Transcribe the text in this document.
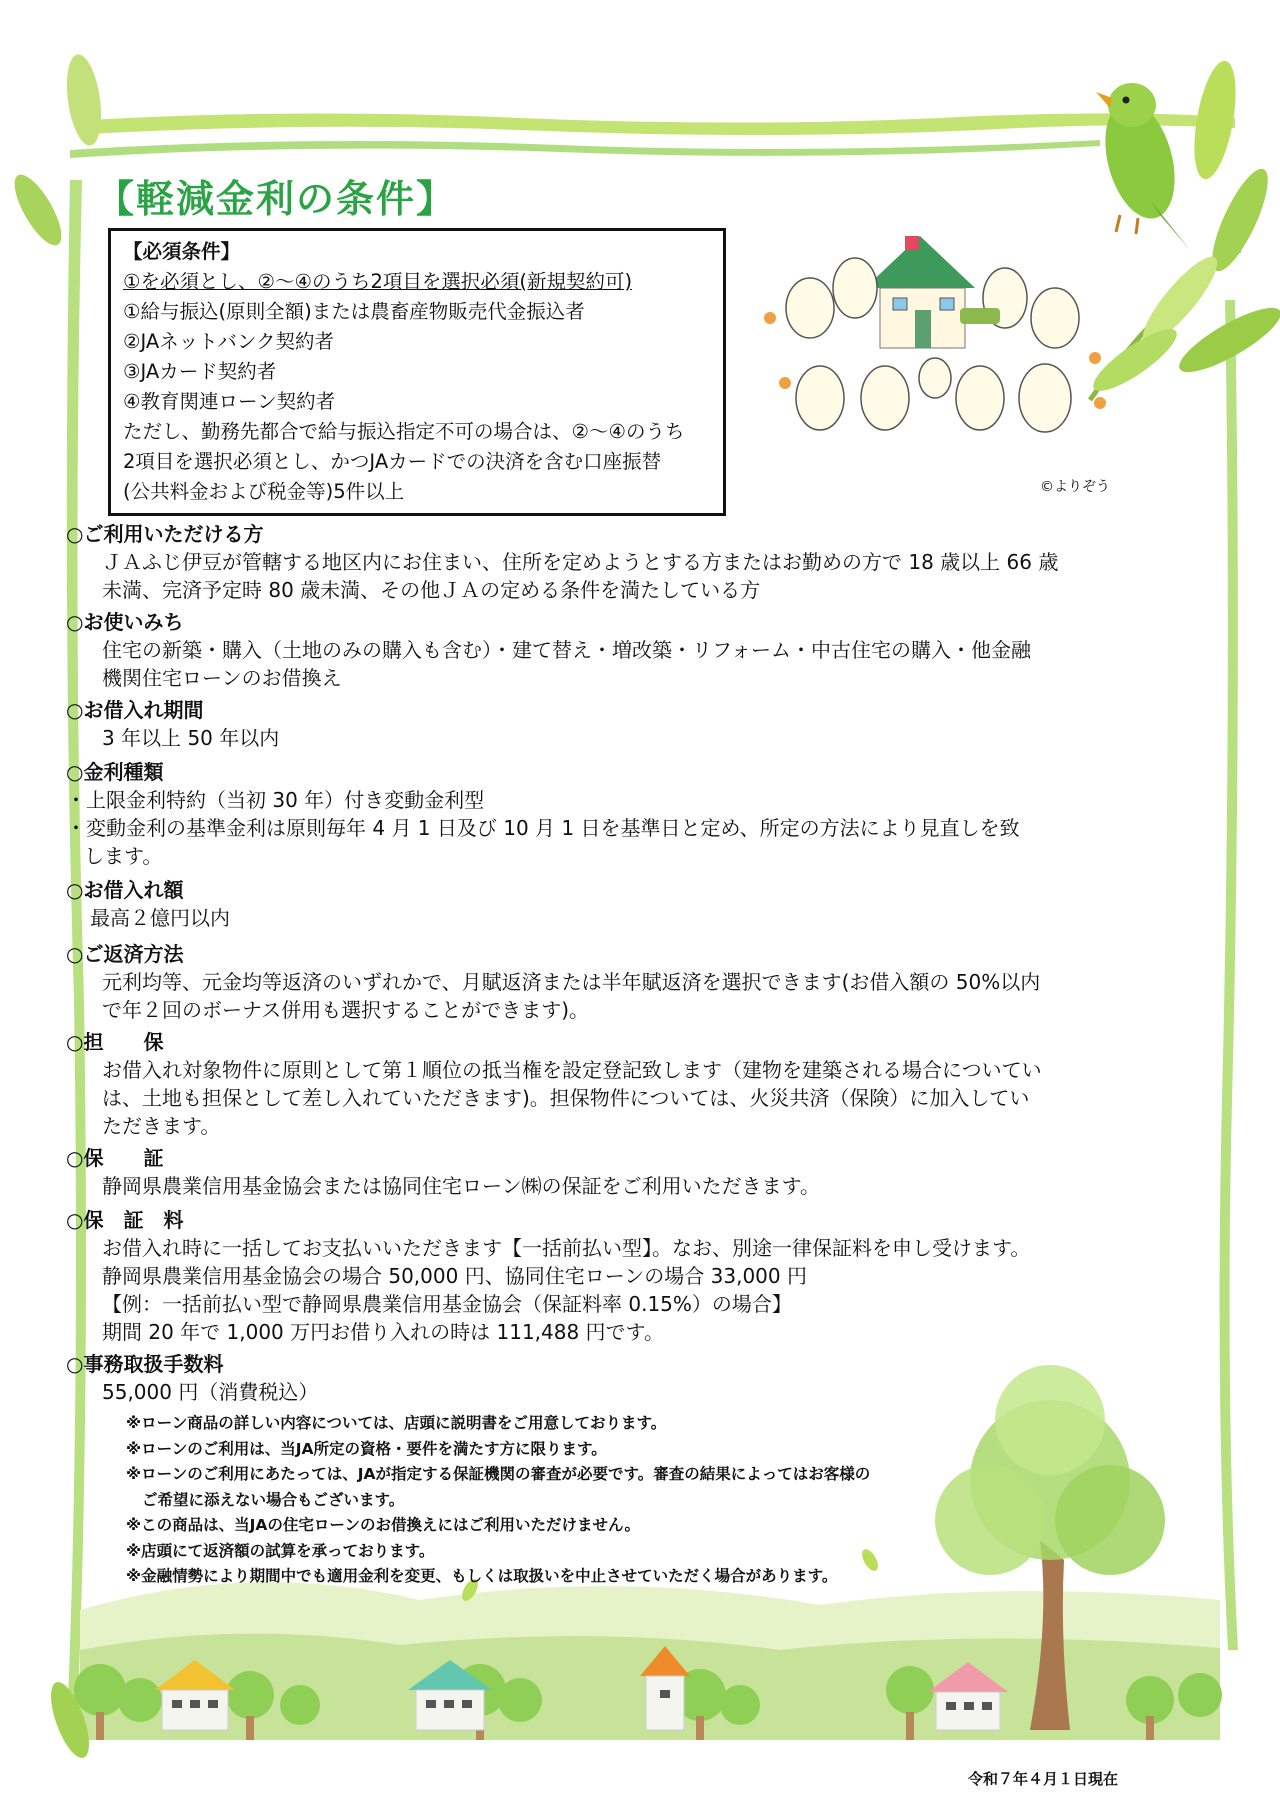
【軽減金利の条件】
【必須条件】
①を必須とし、②～④のうち2項目を選択必須(新規契約可)
①給与振込(原則全額)または農畜産物販売代金振込者
②JAネットバンク契約者
③JAカード契約者
④教育関連ローン契約者
ただし、勤務先都合で給与振込指定不可の場合は、②～④のうち
2項目を選択必須とし、かつJAカードでの決済を含む口座振替
(公共料金および税金等)5件以上	©よりぞう
○ご利用いただける方
ＪＡふじ伊豆が管轄する地区内にお住まい、住所を定めようとする方またはお勤めの方で 18 歳以上 66 歳
未満、完済予定時 80 歳未満、その他ＪＡの定める条件を満たしている方
○お使いみち
住宅の新築・購入（土地のみの購入も含む）・建て替え・増改築・リフォーム・中古住宅の購入・他金融
機関住宅ローンのお借換え
○お借入れ期間
3 年以上 50 年以内
○金利種類
・上限金利特約（当初 30 年）付き変動金利型
・変動金利の基準金利は原則毎年 4 月 1 日及び 10 月 1 日を基準日と定め、所定の方法により見直しを致
します。
○お借入れ額
最高２億円以内
○ご返済方法
元利均等、元金均等返済のいずれかで、月賦返済または半年賦返済を選択できます(お借入額の 50%以内
で年２回のボーナス併用も選択することができます)。
○担　　保
お借入れ対象物件に原則として第１順位の抵当権を設定登記致します（建物を建築される場合についてい
は、土地も担保として差し入れていただきます)。担保物件については、火災共済（保険）に加入してい
ただきます。
○保　　証
静岡県農業信用基金協会または協同住宅ローン㈱の保証をご利用いただきます。
○保　証　料
お借入れ時に一括してお支払いいただきます【一括前払い型】。なお、別途一律保証料を申し受けます。
静岡県農業信用基金協会の場合 50,000 円、協同住宅ローンの場合 33,000 円
【例：一括前払い型で静岡県農業信用基金協会（保証料率 0.15%）の場合】
期間 20 年で 1,000 万円お借り入れの時は 111,488 円です。
○事務取扱手数料
55,000 円（消費税込）
※ローン商品の詳しい内容については、店頭に説明書をご用意しております。
※ローンのご利用は、当JA所定の資格・要件を満たす方に限ります。
※ローンのご利用にあたっては、JAが指定する保証機関の審査が必要です。審査の結果によってはお客様の
ご希望に添えない場合もございます。
※この商品は、当JAの住宅ローンのお借換えにはご利用いただけません。
※店頭にて返済額の試算を承っております。
※金融情勢により期間中でも適用金利を変更、もしくは取扱いを中止させていただく場合があります。
令和７年４月１日現在
